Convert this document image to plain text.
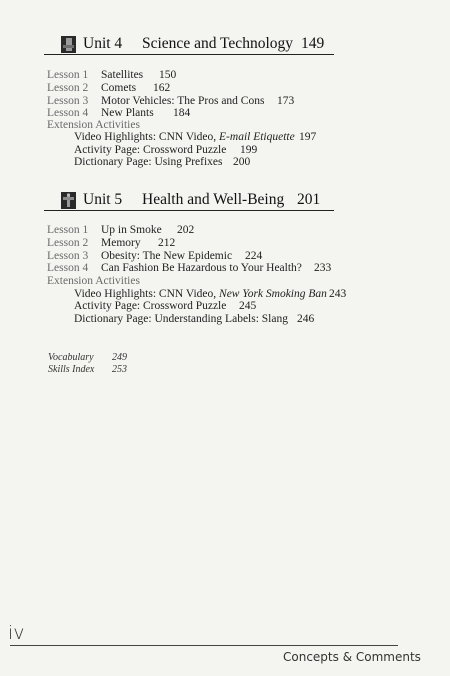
Unit 4 Science and Technology 149
Lesson 1 Satellites 150
Lesson 2 Comets 162
Lesson 3 Motor Vehicles: The Pros and Cons 173
Lesson 4 New Plants 184
Extension Activities
Video Highlights: CNN Video, E-mail Etiquette 197
Activity Page: Crossword Puzzle 199
Dictionary Page: Using Prefixes 200
Unit 5 Health and Well-Being 201
Lesson 1 Up in Smoke 202
Lesson 2 Memory 212
Lesson 3 Obesity: The New Epidemic 224
Lesson 4 Can Fashion Be Hazardous to Your Health? 233
Extension Activities
Video Highlights: CNN Video, New York Smoking Ban 243
Activity Page: Crossword Puzzle 245
Dictionary Page: Understanding Labels: Slang 246
Vocabulary 249
Skills Index 253
iv
Concepts & Comments
